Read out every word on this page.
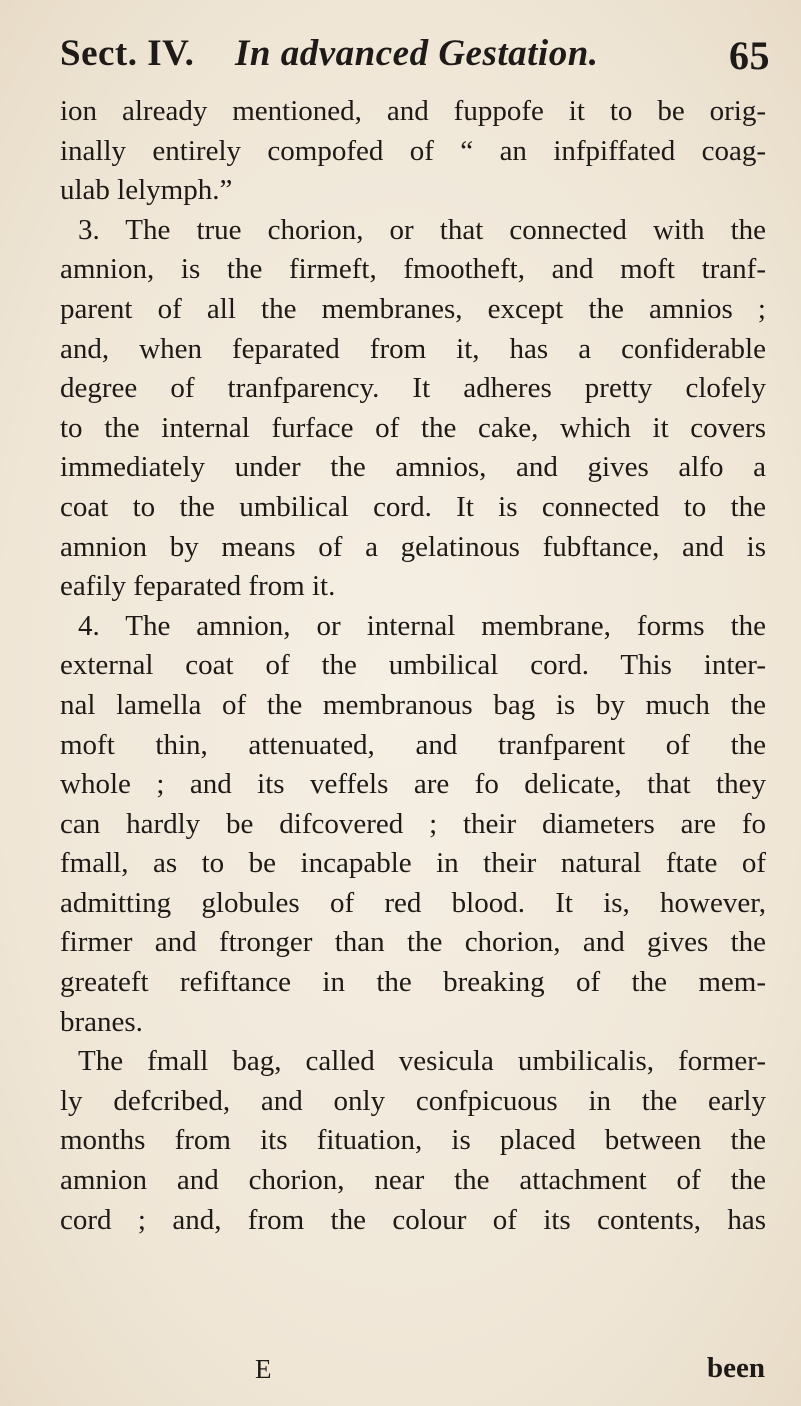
Sect. IV. In advanced Gestation.	65
ion already mentioned, and fuppofe it to be orig-
inally entirely compofed of “ an infpiffated coag-
ulab lelymph.”
3. The true chorion, or that connected with the
amnion, is the firmeft, fmootheft, and moft tranf-
parent of all the membranes, except the amnios ;
and, when feparated from it, has a confiderable
degree of tranfparency. It adheres pretty clofely
to the internal furface of the cake, which it covers
immediately under the amnios, and gives alfo a
coat to the umbilical cord. It is connected to the
amnion by means of a gelatinous fubftance, and is
eafily feparated from it.
4. The amnion, or internal membrane, forms the
external coat of the umbilical cord. This inter-
nal lamella of the membranous bag is by much the
moft thin, attenuated, and tranfparent of the
whole ; and its veffels are fo delicate, that they
can hardly be difcovered ; their diameters are fo
fmall, as to be incapable in their natural ftate of
admitting globules of red blood. It is, however,
firmer and ftronger than the chorion, and gives the
greateft refiftance in the breaking of the mem-
branes.
The fmall bag, called vesicula umbilicalis, former-
ly defcribed, and only confpicuous in the early
months from its fituation, is placed between the
amnion and chorion, near the attachment of the
cord ; and, from the colour of its contents, has
E	been
